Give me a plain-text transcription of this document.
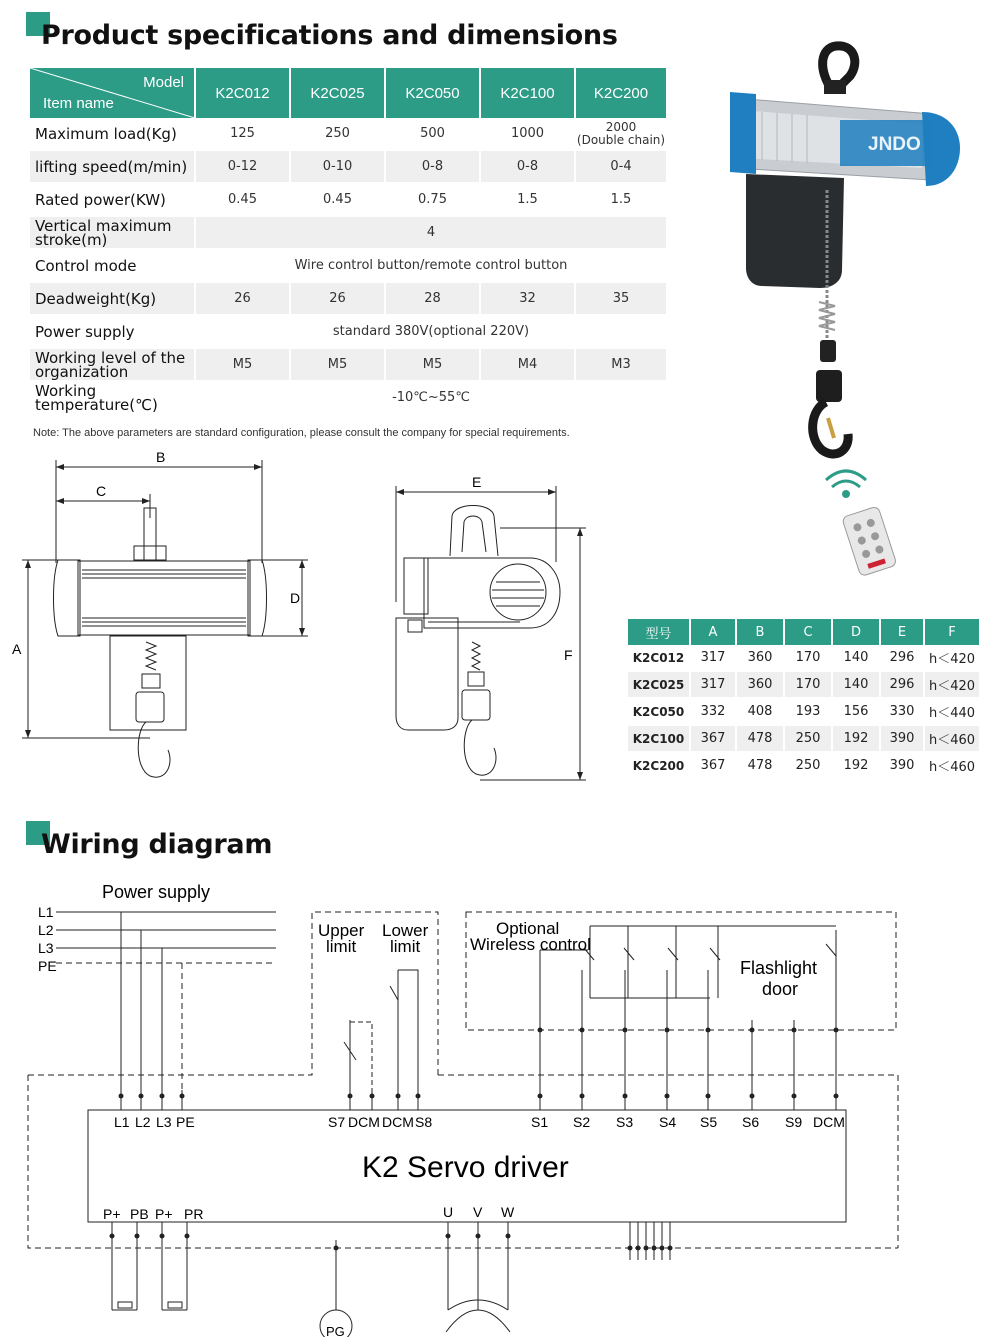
Product specifications and dimensions
Model
Item name	K2C012	K2C025	K2C050	K2C100	K2C200
Maximum load(Kg)	125	250	500	1000	2000
(Double chain)
lifting speed(m/min)	0-12	0-10	0-8	0-8	0-4
Rated power(KW)	0.45	0.45	0.75	1.5	1.5
Vertical maximum stroke(m)	4				
Control mode	Wire control button/remote control button				
Deadweight(Kg)	26	26	28	32	35
Power supply	standard 380V(optional 220V)				
Working level of the organization	M5	M5	M5	M4	M3
Working temperature(℃)	-10℃~55℃				
Note: The above parameters are standard configuration, please consult the company for special requirements.
JNDO
B
C
A
D
E
F
型号	A	B	C	D	E	F
K2C012	317	360	170	140	296	h＜420
K2C025	317	360	170	140	296	h＜420
K2C050	332	408	193	156	330	h＜440
K2C100	367	478	250	192	390	h＜460
K2C200	367	478	250	192	390	h＜460
Wiring diagram
PG
Power supply
L1
L2
L3
PE
Upper
limit
Lower
limit
Optional
Wireless control
Flashlight
door
L1 L2 L3 PE	S7 DCM DCM S8	S1 S2 S3 S4 S5 S6 S9 DCM
K2 Servo driver
P+ PB P+ PR	U V W
